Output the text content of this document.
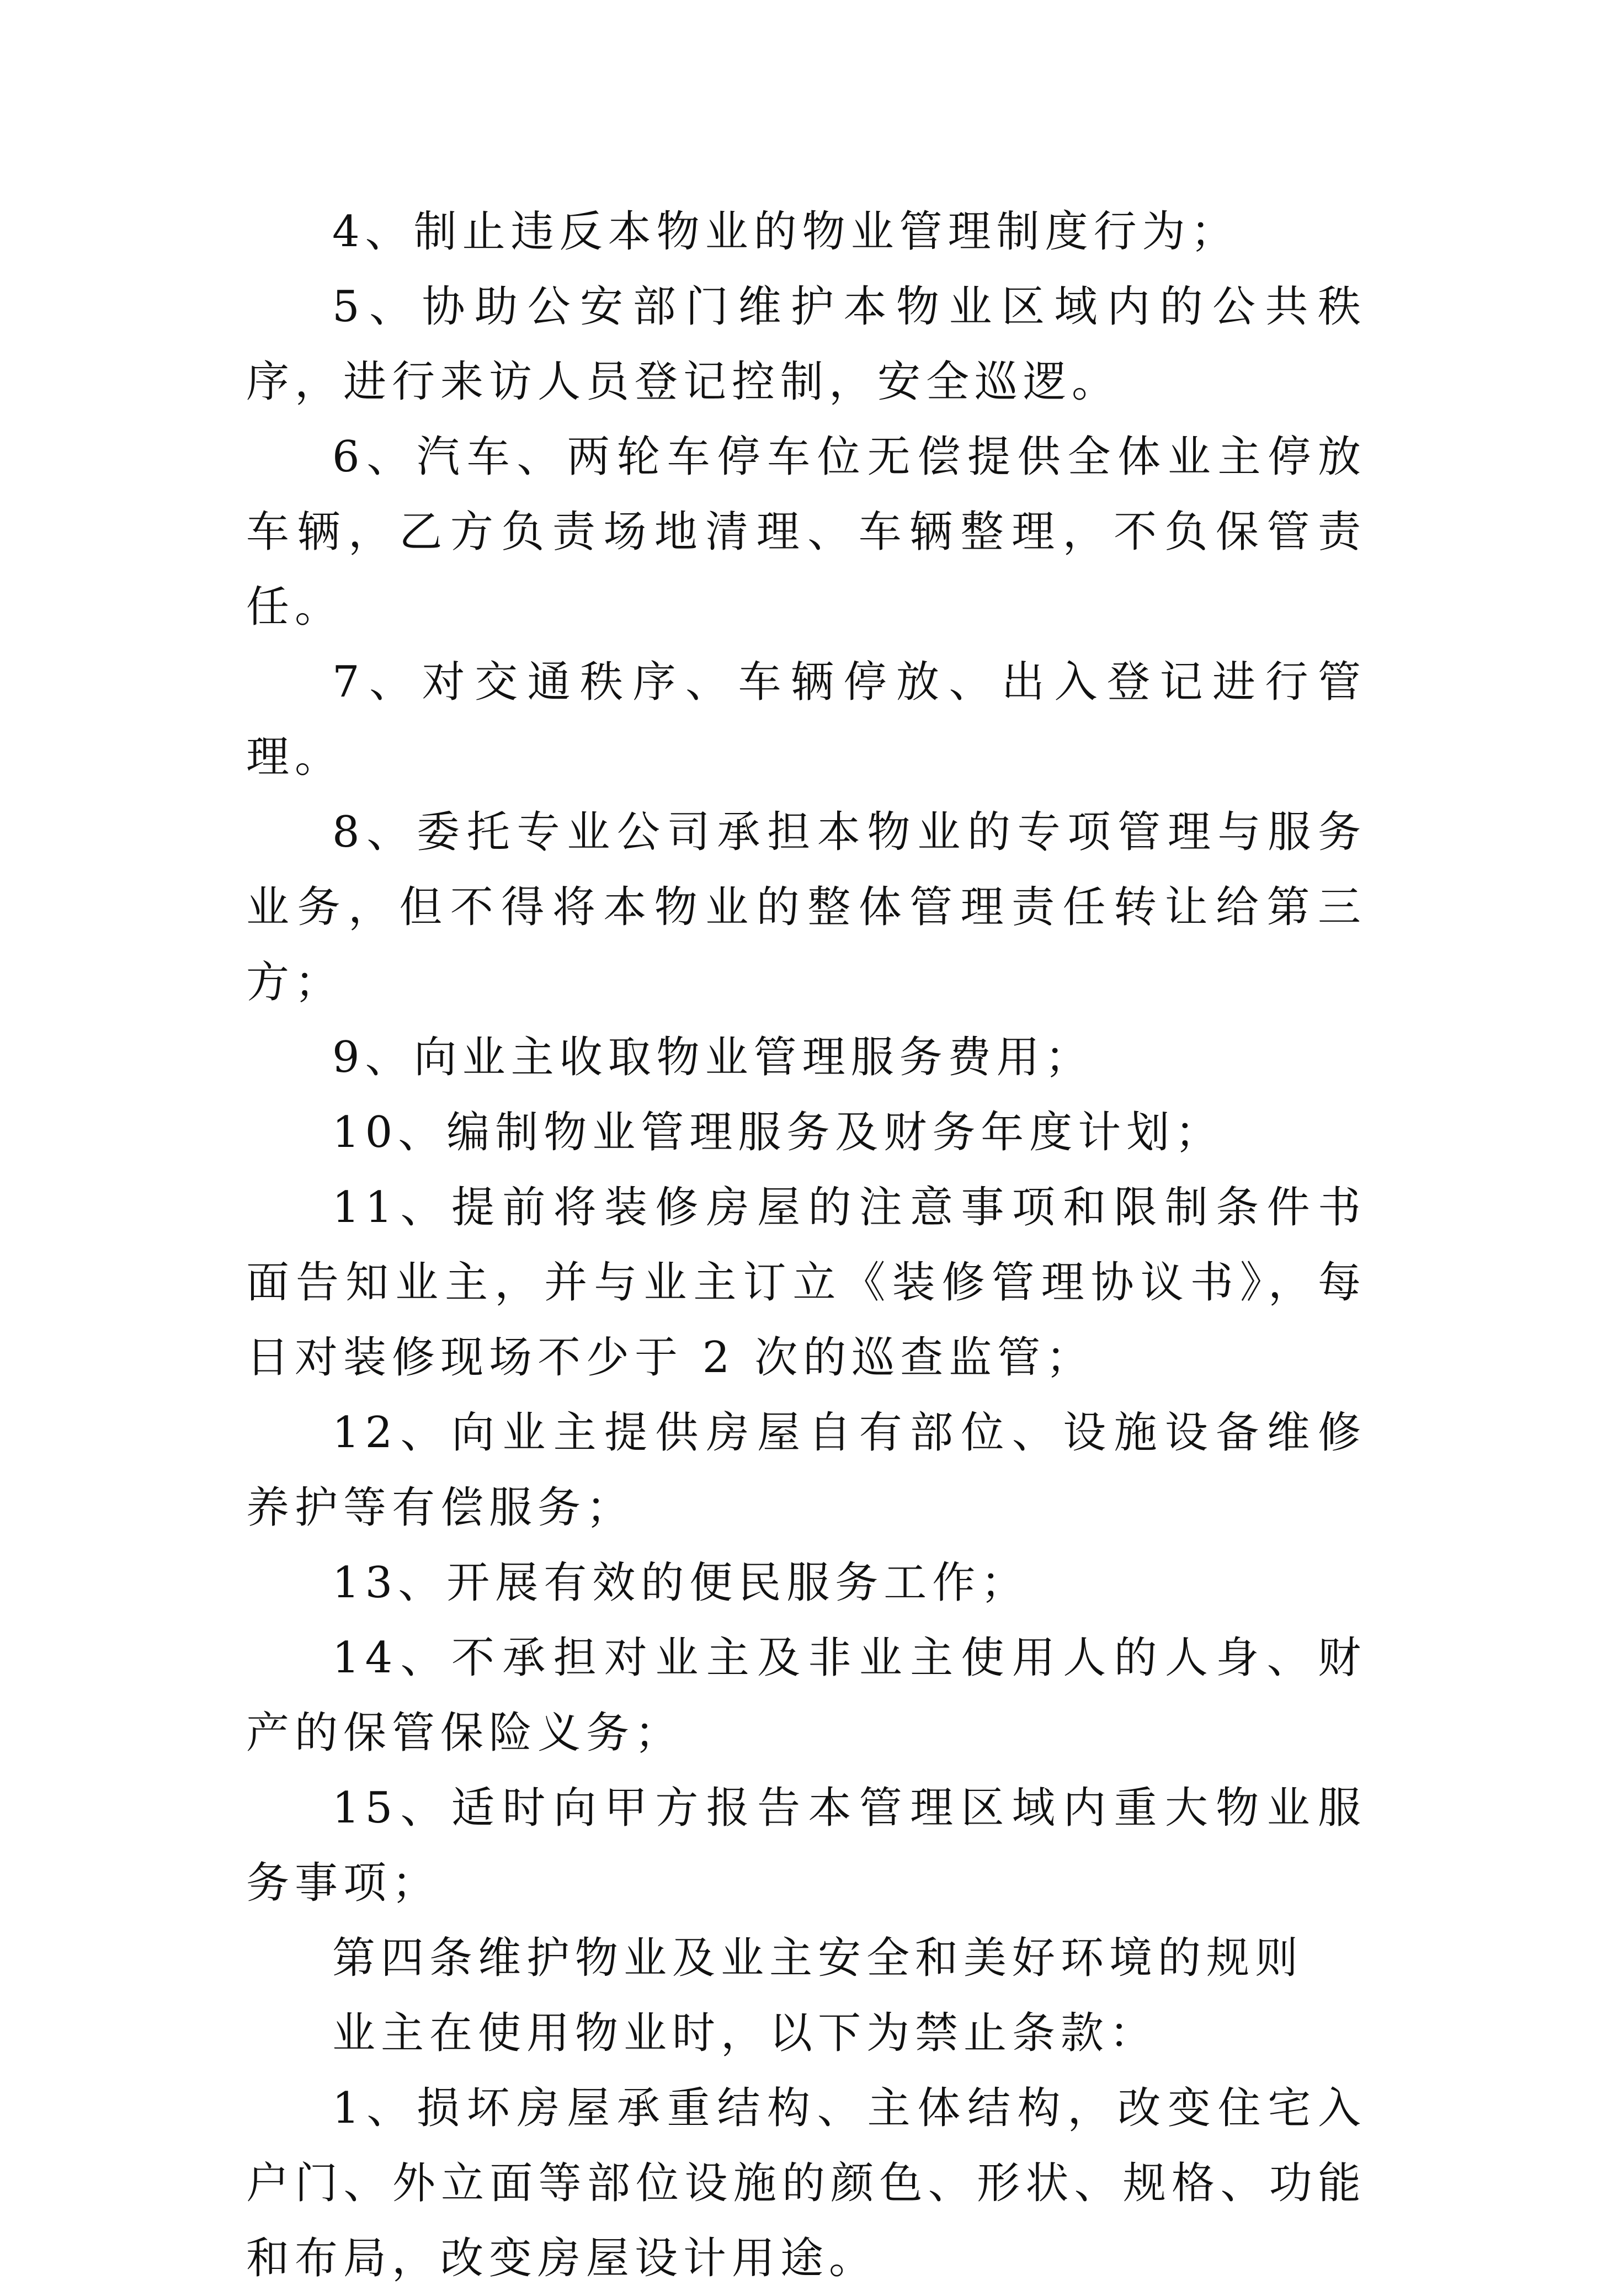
4、制止违反本物业的物业管理制度行为；

5、协助公安部门维护本物业区域内的公共秩序，进行来访人员登记控制，安全巡逻。

6、汽车、两轮车停车位无偿提供全体业主停放车辆，乙方负责场地清理、车辆整理，不负保管责任。

7、对交通秩序、车辆停放、出入登记进行管理。

8、委托专业公司承担本物业的专项管理与服务业务，但不得将本物业的整体管理责任转让给第三方；

9、向业主收取物业管理服务费用；

10、编制物业管理服务及财务年度计划；

11、提前将装修房屋的注意事项和限制条件书面告知业主，并与业主订立《装修管理协议书》，每日对装修现场不少于 2 次的巡查监管；

12、向业主提供房屋自有部位、设施设备维修养护等有偿服务；

13、开展有效的便民服务工作；

14、不承担对业主及非业主使用人的人身、财产的保管保险义务；

15、适时向甲方报告本管理区域内重大物业服务事项；

第四条维护物业及业主安全和美好环境的规则

业主在使用物业时，以下为禁止条款：

1、损坏房屋承重结构、主体结构，改变住宅入户门、外立面等部位设施的颜色、形状、规格、功能和布局，改变房屋设计用途。
